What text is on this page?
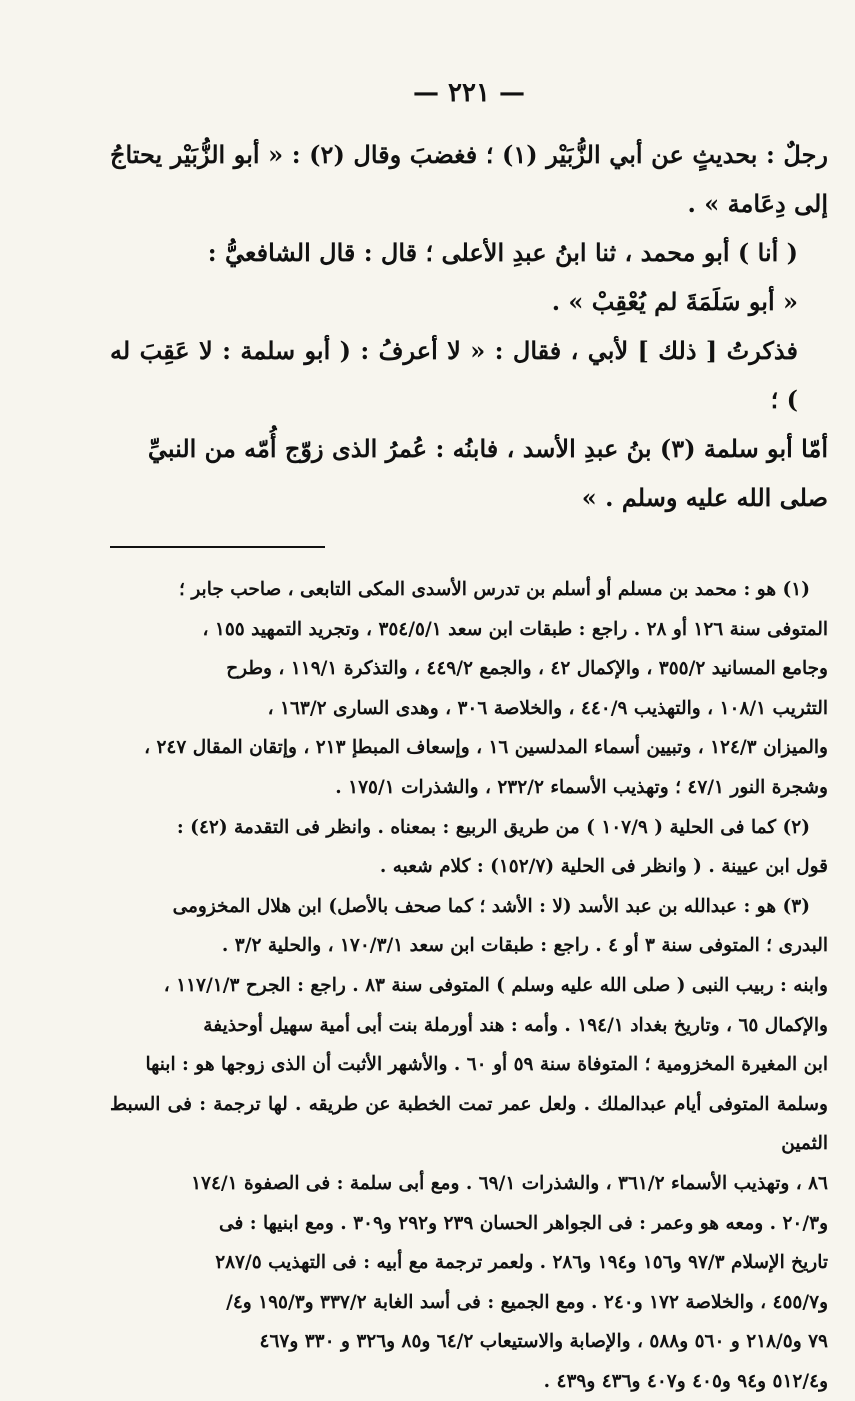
— ٢٢١ —

رجلٌ : بحديثٍ عن أبي الزُّبَيْر (١) ؛ فغضبَ وقال (٢) : « أبو الزُّبَيْر يحتاجُ إلى دِعَامة » .

( أنا ) أبو محمد ، ثنا ابنُ عبدِ الأعلى ؛ قال : قال الشافعيُّ :

« أبو سَلَمَةَ لم يُعْقِبْ » .

فذكرتُ [ ذلك ] لأبي ، فقال : « لا أعرفُ : ( أبو سلمة : لا عَقِبَ له ) ؛

أمّا أبو سلمة (٣) بنُ عبدِ الأسد ، فابنُه : عُمرُ الذى زوّج أُمّه من النبيِّ

صلى الله عليه وسلم . »

(١) هو : محمد بن مسلم أو أسلم بن تدرس الأسدى المكى التابعى ، صاحب جابر ؛

المتوفى سنة ١٢٦ أو ٢٨ . راجع : طبقات ابن سعد ٣٥٤/٥/١ ، وتجريد التمهيد ١٥٥ ،

وجامع المسانيد ٣٥٥/٢ ، والإكمال ٤٢ ، والجمع ٤٤٩/٢ ، والتذكرة ١١٩/١ ، وطرح

التثريب ١٠٨/١ ، والتهذيب ٤٤٠/٩ ، والخلاصة ٣٠٦ ، وهدى السارى ١٦٣/٢ ،

والميزان ١٢٤/٣ ، وتبيين أسماء المدلسين ١٦ ، وإسعاف المبطإ ٢١٣ ، وإتقان المقال ٢٤٧ ،

وشجرة النور ٤٧/١ ؛ وتهذيب الأسماء ٢٣٢/٢ ، والشذرات ١٧٥/١ .

(٢) كما فى الحلية ( ١٠٧/٩ ) من طريق الربيع : بمعناه . وانظر فى التقدمة (٤٢) :

قول ابن عيينة . ( وانظر فى الحلية (١٥٢/٧) : كلام شعبه .

(٣) هو : عبدالله بن عبد الأسد (لا : الأشد ؛ كما صحف بالأصل) ابن هلال المخزومى

البدرى ؛ المتوفى سنة ٣ أو ٤ . راجع : طبقات ابن سعد ١٧٠/٣/١ ، والحلية ٣/٢ .

وابنه : ربيب النبى ( صلى الله عليه وسلم ) المتوفى سنة ٨٣ . راجع : الجرح ١١٧/١/٣ ،

والإكمال ٦٥ ، وتاريخ بغداد ١٩٤/١ . وأمه : هند أورملة بنت أبى أمية سهيل أوحذيفة

ابن المغيرة المخزومية ؛ المتوفاة سنة ٥٩ أو ٦٠ . والأشهر الأثبت أن الذى زوجها هو : ابنها

وسلمة المتوفى أيام عبدالملك . ولعل عمر تمت الخطبة عن طريقه . لها ترجمة : فى السبط الثمين

٨٦ ، وتهذيب الأسماء ٣٦١/٢ ، والشذرات ٦٩/١ . ومع أبى سلمة : فى الصفوة ١٧٤/١

و٢٠/٣ . ومعه هو وعمر : فى الجواهر الحسان ٢٣٩ و٢٩٢ و٣٠٩ . ومع ابنيها : فى

تاريخ الإسلام ٩٧/٣ و١٥٦ و١٩٤ و٢٨٦ . ولعمر ترجمة مع أبيه : فى التهذيب ٢٨٧/٥

و٤٥٥/٧ ، والخلاصة ١٧٢ و٢٤٠ . ومع الجميع : فى أسد الغابة ٣٣٧/٢ و١٩٥/٣ و٤/

٧٩ و٢١٨/٥ و ٥٦٠ و٥٨٨ ، والإصابة والاستيعاب ٦٤/٢ و٨٥ و٣٢٦ و ٣٣٠ و٤٦٧

و٥١٢/٤ و٩٤ و٤٠٥ و٤٠٧ و٤٣٦ و٤٣٩ .
